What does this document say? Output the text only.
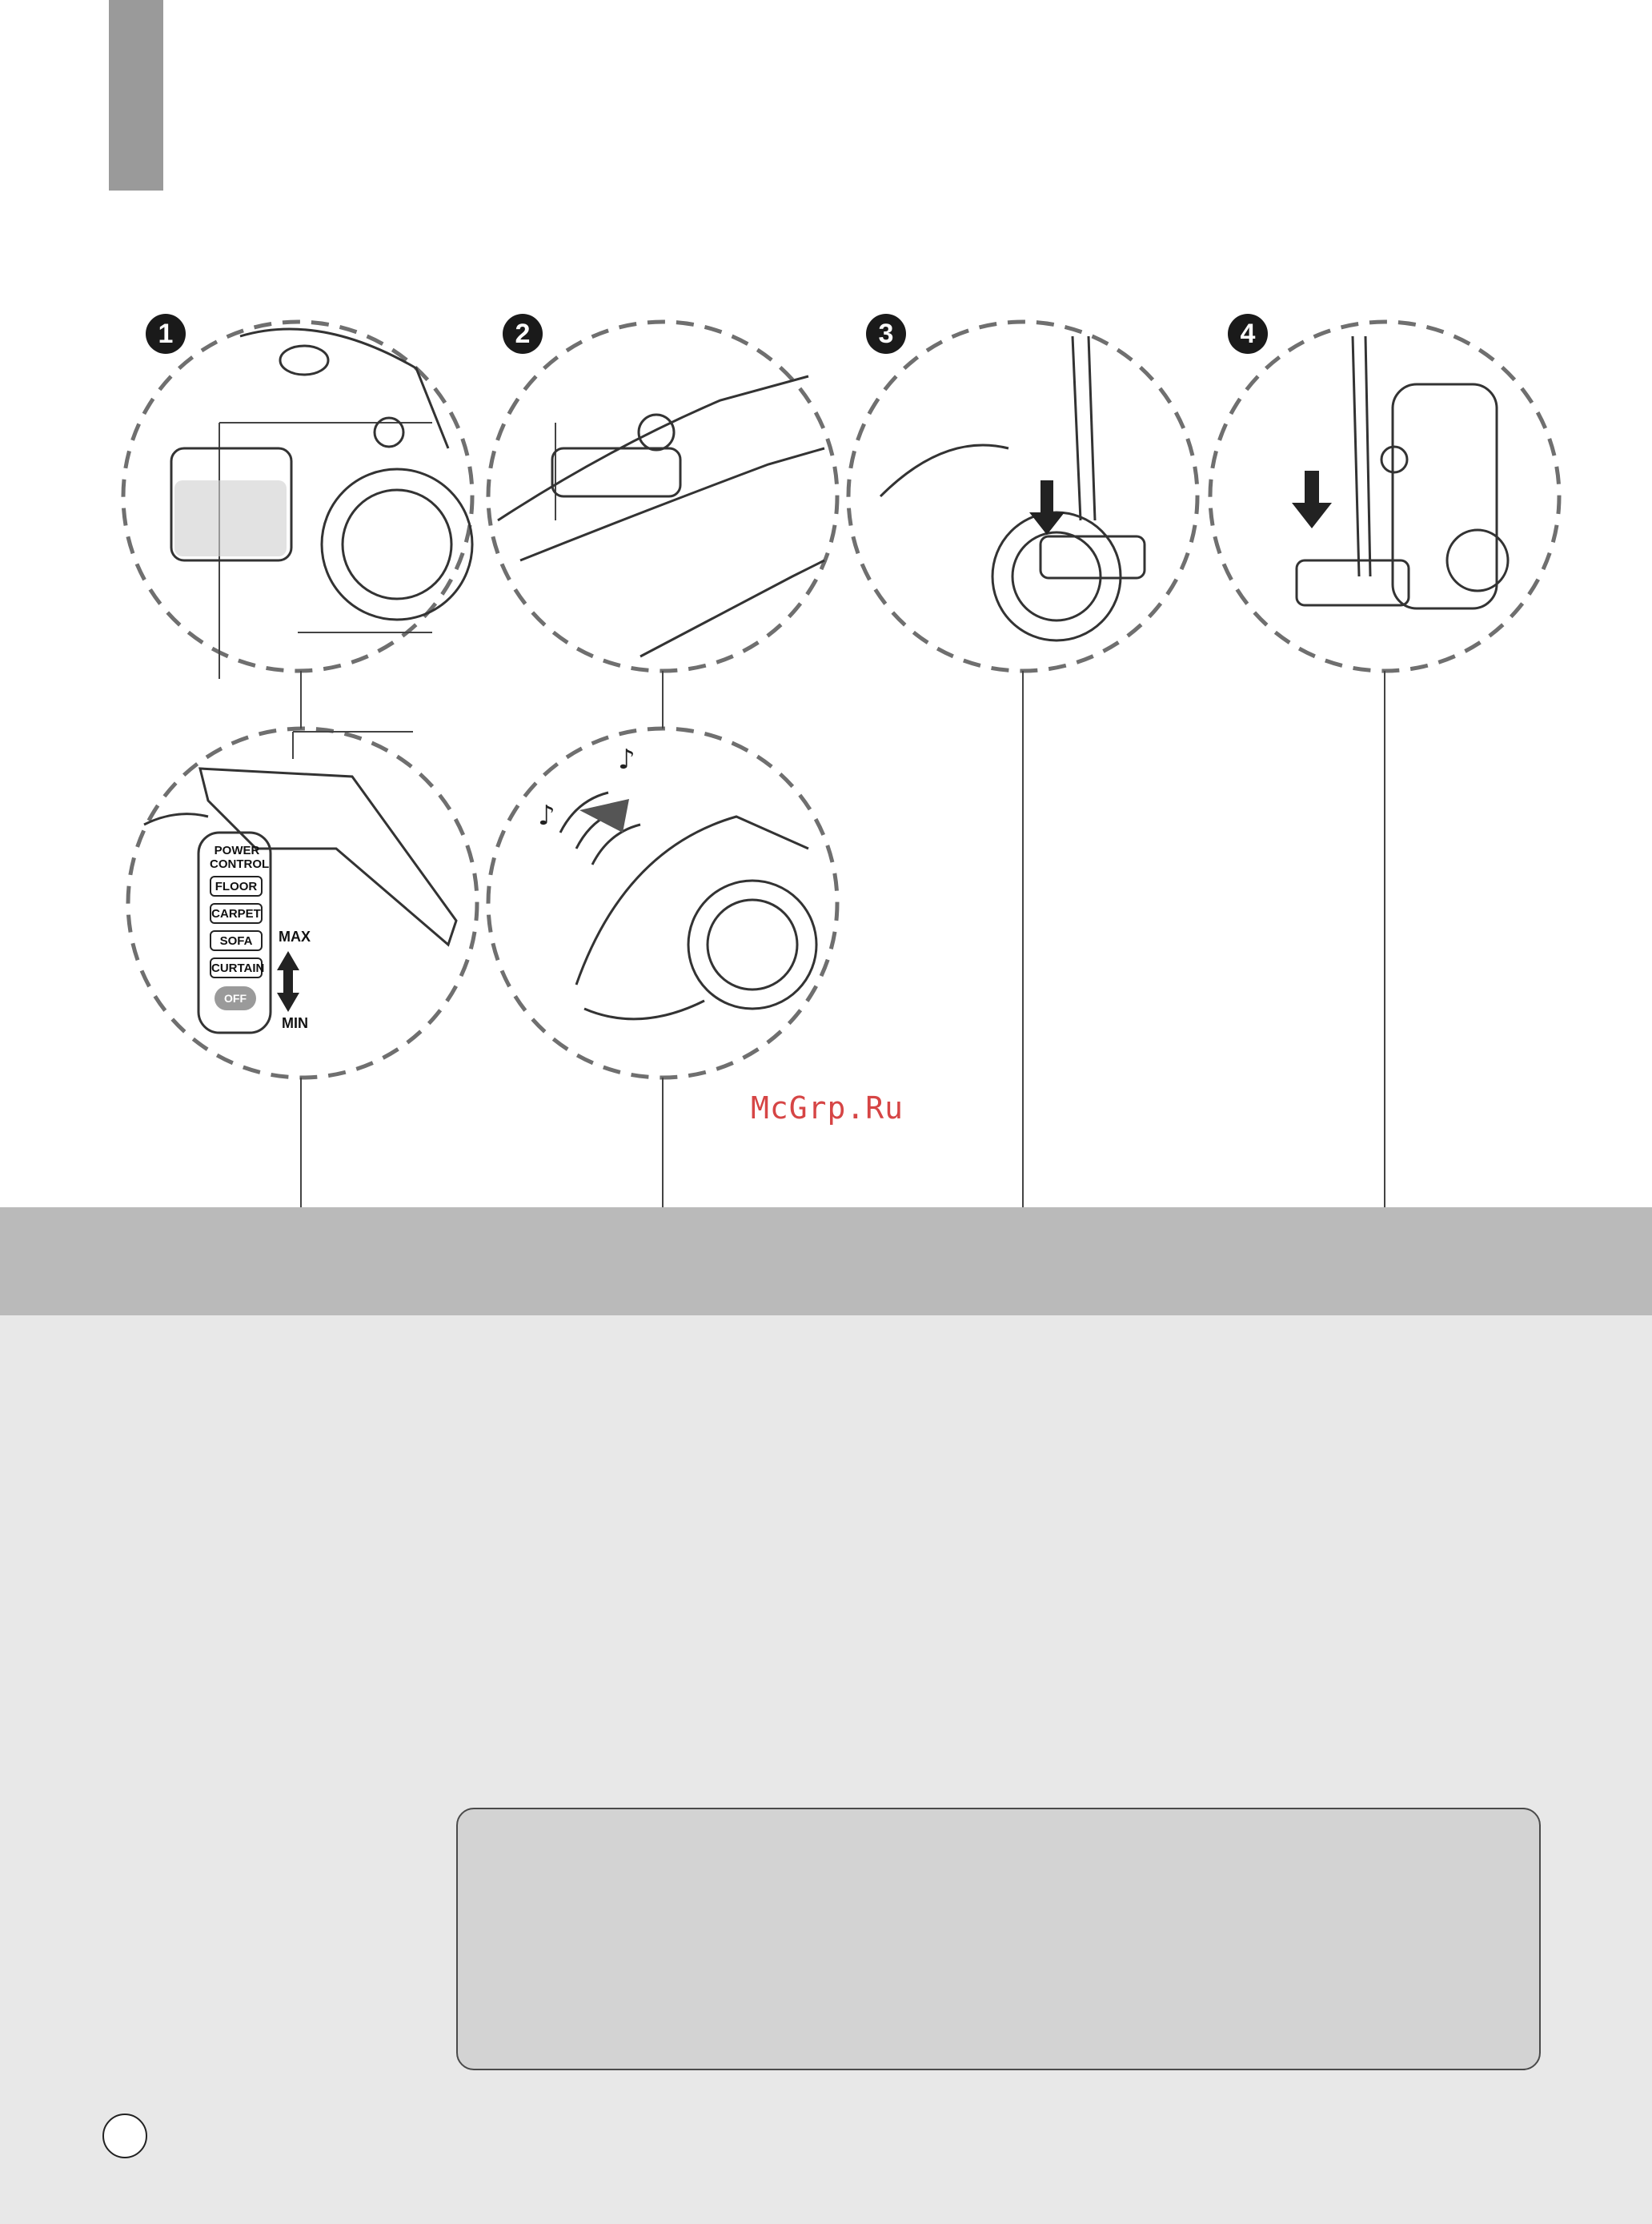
♪
♪
1	2	3	4
POWER CONTROL
FLOOR
CARPET
SOFA
CURTAIN
OFF
MAX
MIN
McGrp.Ru
